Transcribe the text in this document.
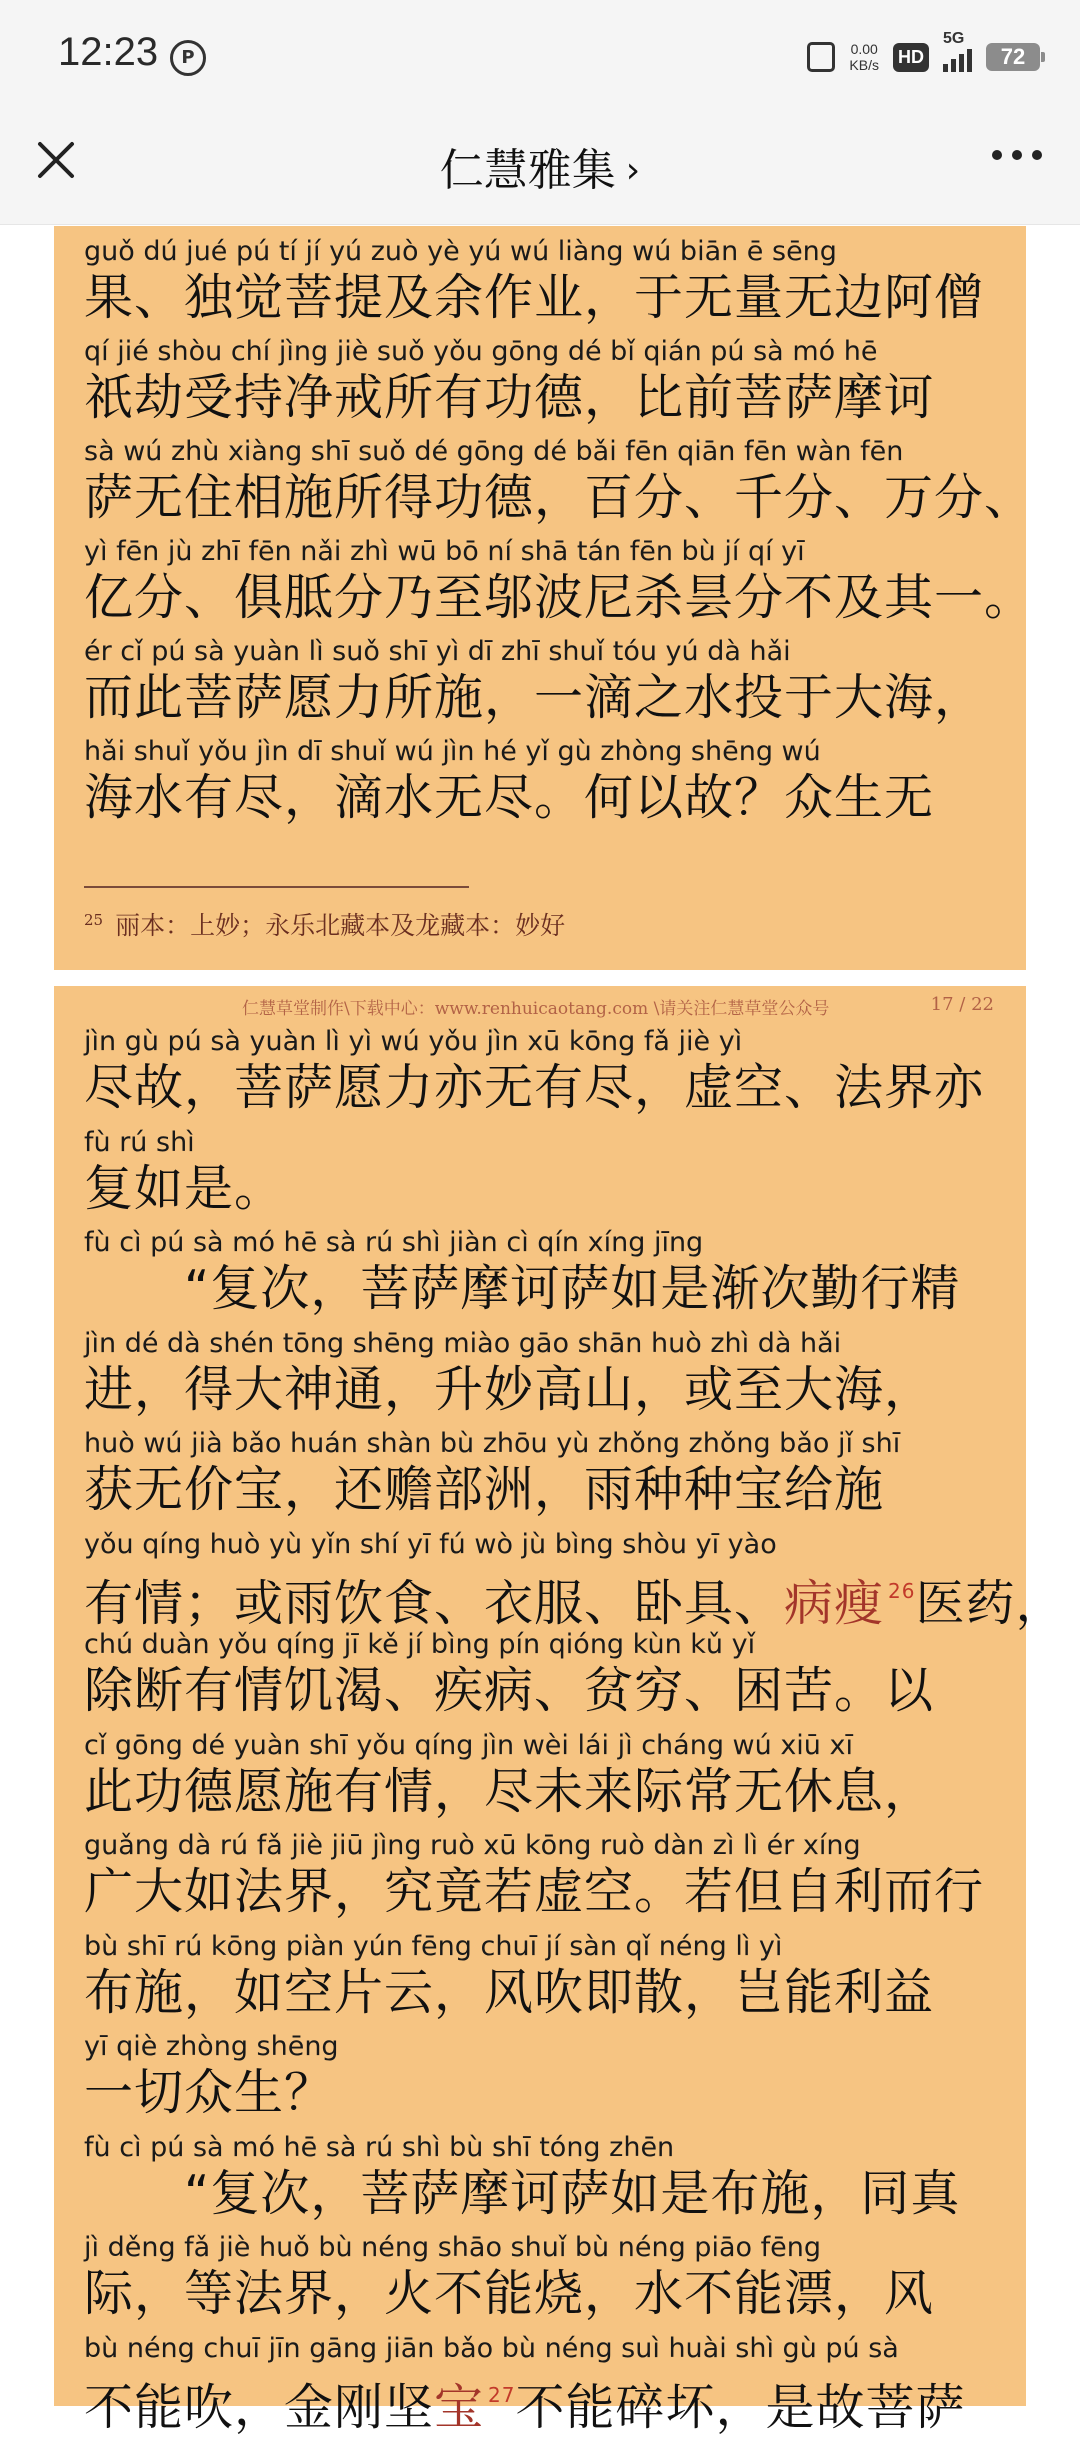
12:23	P	0.00
KB/s HD
5G
72
仁慧雅集 ›
guǒ dú jué pú tí jí yú zuò yè yú wú liàng wú biān ē sēng
果、独觉菩提及余作业，于无量无边阿僧
qí jié shòu chí jìng jiè suǒ yǒu gōng dé bǐ qián pú sà mó hē
祇劫受持净戒所有功德，比前菩萨摩诃
sà wú zhù xiàng shī suǒ dé gōng dé bǎi fēn qiān fēn wàn fēn
萨无住相施所得功德，百分、千分、万分、
yì fēn jù zhī fēn nǎi zhì wū bō ní shā tán fēn bù jí qí yī
亿分、俱胝分乃至邬波尼杀昙分不及其一。
ér cǐ pú sà yuàn lì suǒ shī yì dī zhī shuǐ tóu yú dà hǎi
而此菩萨愿力所施，一滴之水投于大海，
hǎi shuǐ yǒu jìn dī shuǐ wú jìn hé yǐ gù zhòng shēng wú
海水有尽，滴水无尽。何以故？众生无
$^{25}$ 丽本：上妙；永乐北藏本及龙藏本：妙好
仁慧草堂制作\下载中心：www.renhuicaotang.com \请关注仁慧草堂公众号	17 / 22
jìn gù pú sà yuàn lì yì wú yǒu jìn xū kōng fǎ jiè yì
尽故，菩萨愿力亦无有尽，虚空、法界亦
fù rú shì
复如是。
fù cì pú sà mó hē sà rú shì jiàn cì qín xíng jīng
　　“复次，菩萨摩诃萨如是渐次勤行精
jìn dé dà shén tōng shēng miào gāo shān huò zhì dà hǎi
进，得大神通，升妙高山，或至大海，
huò wú jià bǎo huán shàn bù zhōu yù zhǒng zhǒng bǎo jǐ shī
获无价宝，还赡部洲，雨种种宝给施
yǒu qíng huò yù yǐn shí yī fú wò jù bìng shòu yī yào
有情；或雨饮食、衣服、卧具、病瘦 $^{26}$医药，
chú duàn yǒu qíng jī kě jí bìng pín qióng kùn kǔ yǐ
除断有情饥渴、疾病、贫穷、困苦。以
cǐ gōng dé yuàn shī yǒu qíng jìn wèi lái jì cháng wú xiū xī
此功德愿施有情，尽未来际常无休息，
guǎng dà rú fǎ jiè jiū jìng ruò xū kōng ruò dàn zì lì ér xíng
广大如法界，究竟若虚空。若但自利而行
bù shī rú kōng piàn yún fēng chuī jí sàn qǐ néng lì yì
布施，如空片云，风吹即散，岂能利益
yī qiè zhòng shēng
一切众生？
fù cì pú sà mó hē sà rú shì bù shī tóng zhēn
　　“复次，菩萨摩诃萨如是布施，同真
jì děng fǎ jiè huǒ bù néng shāo shuǐ bù néng piāo fēng
际，等法界，火不能烧，水不能漂，风
bù néng chuī jīn gāng jiān bǎo bù néng suì huài shì gù pú sà
不能吹，金刚坚宝 $^{27}$不能碎坏，是故菩萨
